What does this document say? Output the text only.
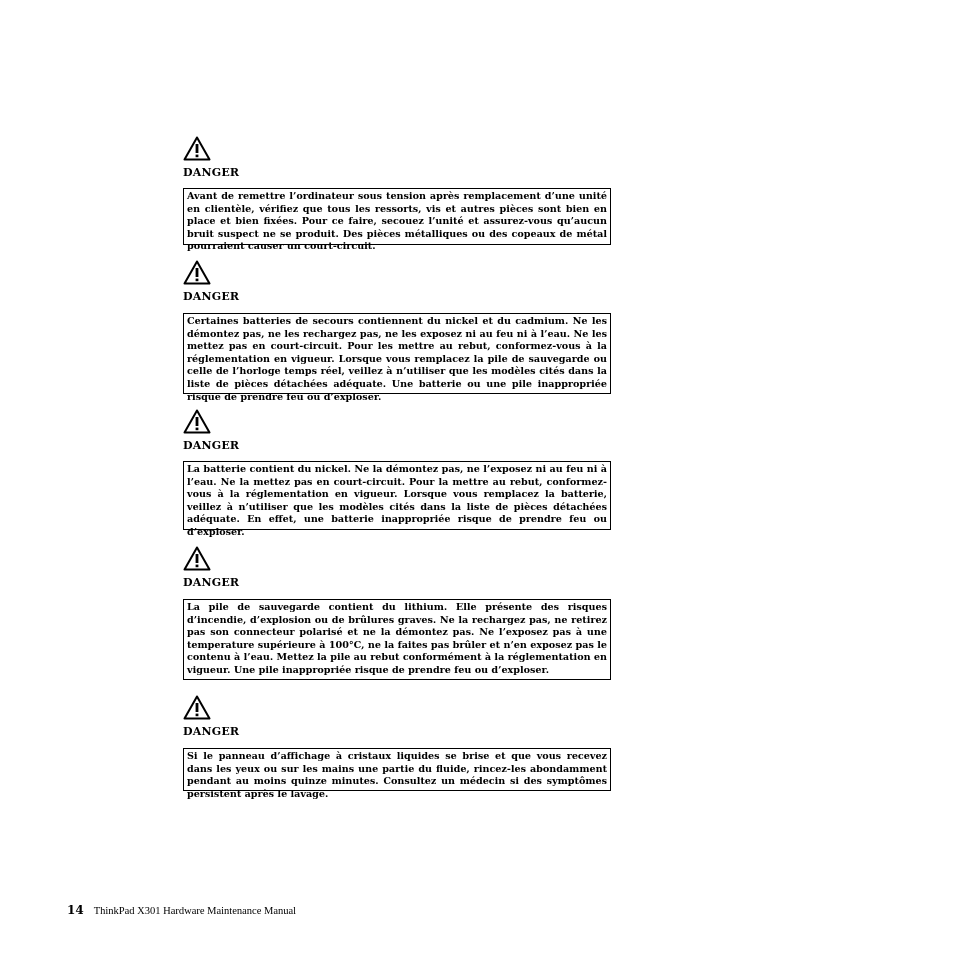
DANGER
Avant de remettre l’ordinateur sous tension après remplacement d’une unité en clientèle, vérifiez que tous les ressorts, vis et autres pièces sont bien en place et bien fixées. Pour ce faire, secouez l’unité et assurez-vous qu’aucun bruit suspect ne se produit. Des pièces métalliques ou des copeaux de métal pourraient causer un court-circuit.
DANGER
Certaines batteries de secours contiennent du nickel et du cadmium. Ne les démontez pas, ne les rechargez pas, ne les exposez ni au feu ni à l’eau. Ne les mettez pas en court-circuit. Pour les mettre au rebut, conformez-vous à la réglementation en vigueur. Lorsque vous remplacez la pile de sauvegarde ou celle de l’horloge temps réel, veillez à n’utiliser que les modèles cités dans la liste de pièces détachées adéquate. Une batterie ou une pile inappropriée risque de prendre feu ou d’exploser.
DANGER
La batterie contient du nickel. Ne la démontez pas, ne l’exposez ni au feu ni à l’eau. Ne la mettez pas en court-circuit. Pour la mettre au rebut, conformez-vous à la réglementation en vigueur. Lorsque vous remplacez la batterie, veillez à n’utiliser que les modèles cités dans la liste de pièces détachées adéquate. En effet, une batterie inappropriée risque de prendre feu ou d’exploser.
DANGER
La pile de sauvegarde contient du lithium. Elle présente des risques d’incendie, d’explosion ou de brûlures graves. Ne la rechargez pas, ne retirez pas son connecteur polarisé et ne la démontez pas. Ne l’exposez pas à une temperature supérieure à 100°C, ne la faites pas brûler et n’en exposez pas le contenu à l’eau. Mettez la pile au rebut conformément à la réglementation en vigueur. Une pile inappropriée risque de prendre feu ou d’exploser.
DANGER
Si le panneau d’affichage à cristaux liquides se brise et que vous recevez dans les yeux ou sur les mains une partie du fluide, rincez-les abondamment pendant au moins quinze minutes. Consultez un médecin si des symptômes persistent après le lavage.
14 ThinkPad X301 Hardware Maintenance Manual
